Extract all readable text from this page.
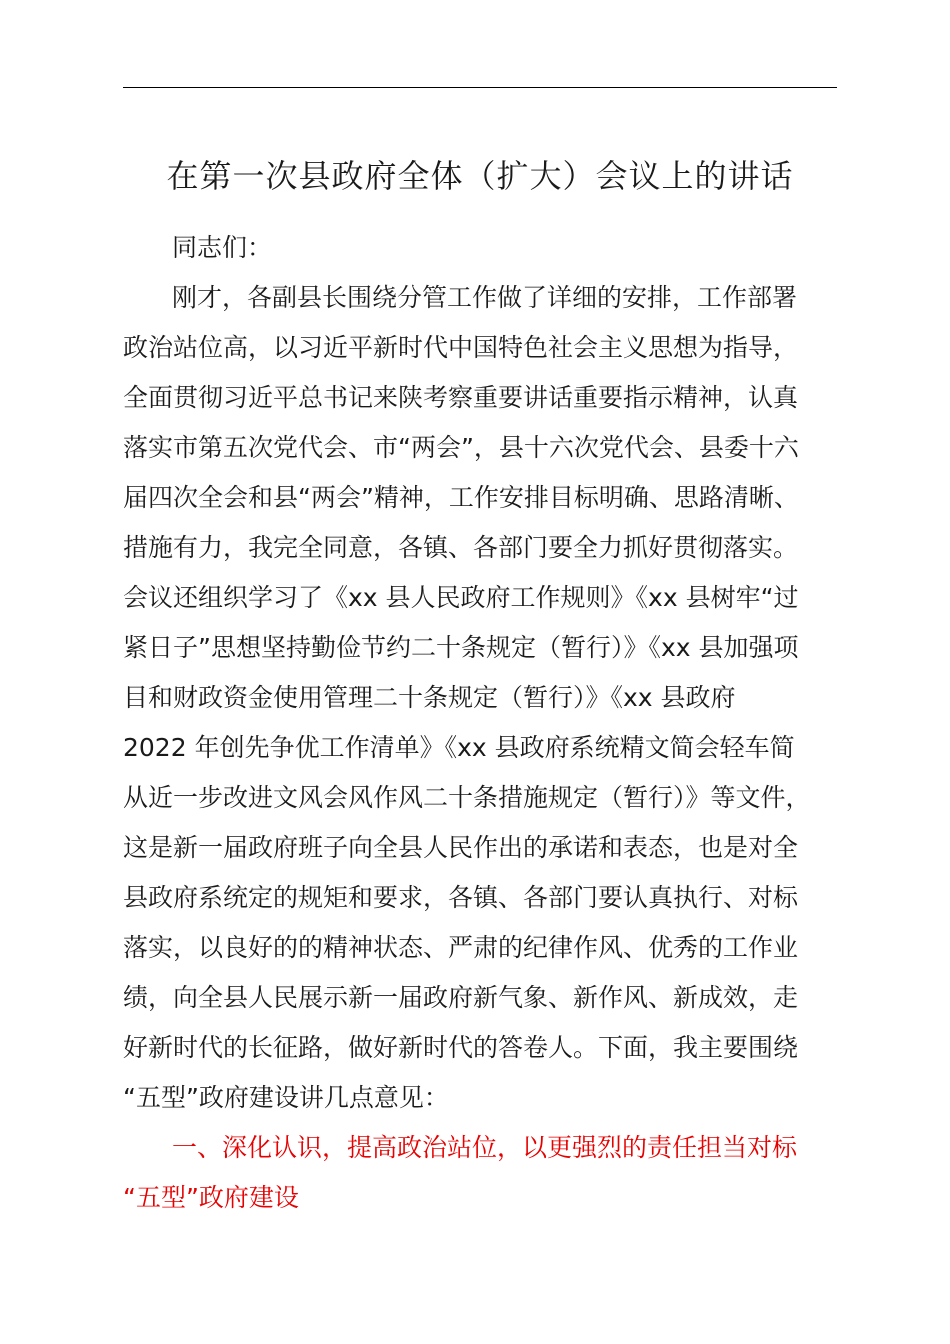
在第一次县政府全体（扩大）会议上的讲话

同志们：

刚才，各副县长围绕分管工作做了详细的安排，工作部署

政治站位高，以习近平新时代中国特色社会主义思想为指导，

全面贯彻习近平总书记来陕考察重要讲话重要指示精神，认真

落实市第五次党代会、市“两会”，县十六次党代会、县委十六

届四次全会和县“两会”精神，工作安排目标明确、思路清晰、

措施有力，我完全同意，各镇、各部门要全力抓好贯彻落实。

会议还组织学习了《xx 县人民政府工作规则》《xx 县树牢“过

紧日子”思想坚持勤俭节约二十条规定（暂行）》《xx 县加强项

目和财政资金使用管理二十条规定（暂行）》《xx 县政府

2022 年创先争优工作清单》《xx 县政府系统精文简会轻车简

从近一步改进文风会风作风二十条措施规定（暂行）》等文件，

这是新一届政府班子向全县人民作出的承诺和表态，也是对全

县政府系统定的规矩和要求，各镇、各部门要认真执行、对标

落实，以良好的的精神状态、严肃的纪律作风、优秀的工作业

绩，向全县人民展示新一届政府新气象、新作风、新成效，走

好新时代的长征路，做好新时代的答卷人。下面，我主要围绕

“五型”政府建设讲几点意见：

一、深化认识，提高政治站位，以更强烈的责任担当对标

“五型”政府建设
